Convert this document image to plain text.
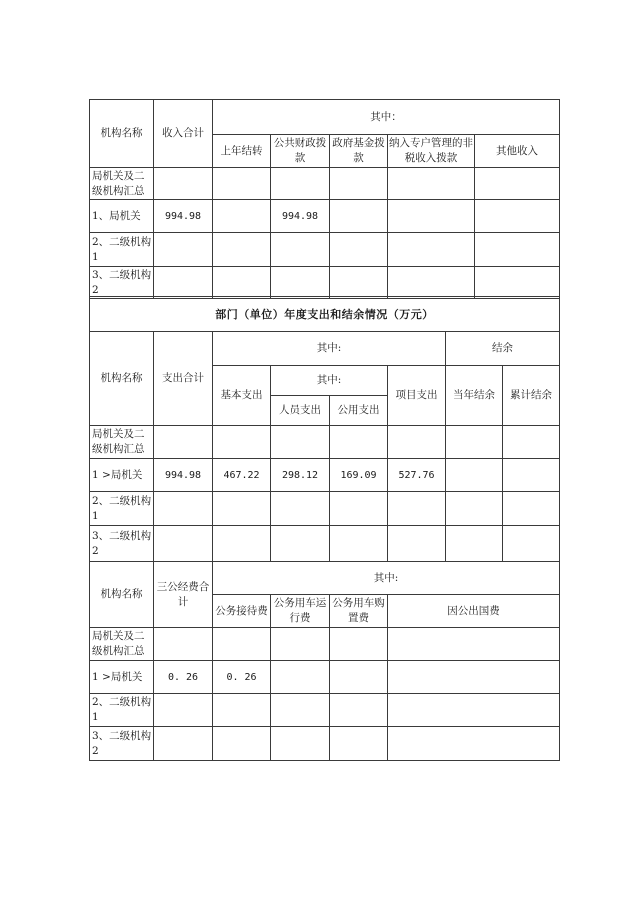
机构名称	收入合计	其中：				
		上年结转	公共财政拨款	政府基金拨款	纳入专户管理的非税收入拨款	其他收入
局机关及二级机构汇总						
1、局机关	994.98		994.98			
2、二级机构1						
3、二级机构2						
部门（单位）年度支出和结余情况（万元）							
机构名称	支出合计	其中:				结余	
		基本支出	其中:		项目支出	当年结余	累计结余
			人员支出	公用支出			
局机关及二级机构汇总							
1 >局机关	994.98	467.22	298.12	169.09	527.76		
2、二级机构1							
3、二级机构2							
机构名称	三公经费合计	其中:			
		公务接待费	公务用车运行费	公务用车购置费	因公出国费
局机关及二级机构汇总					
1 >局机关	0. 26	0. 26			
2、二级机构1					
3、二级机构2					
